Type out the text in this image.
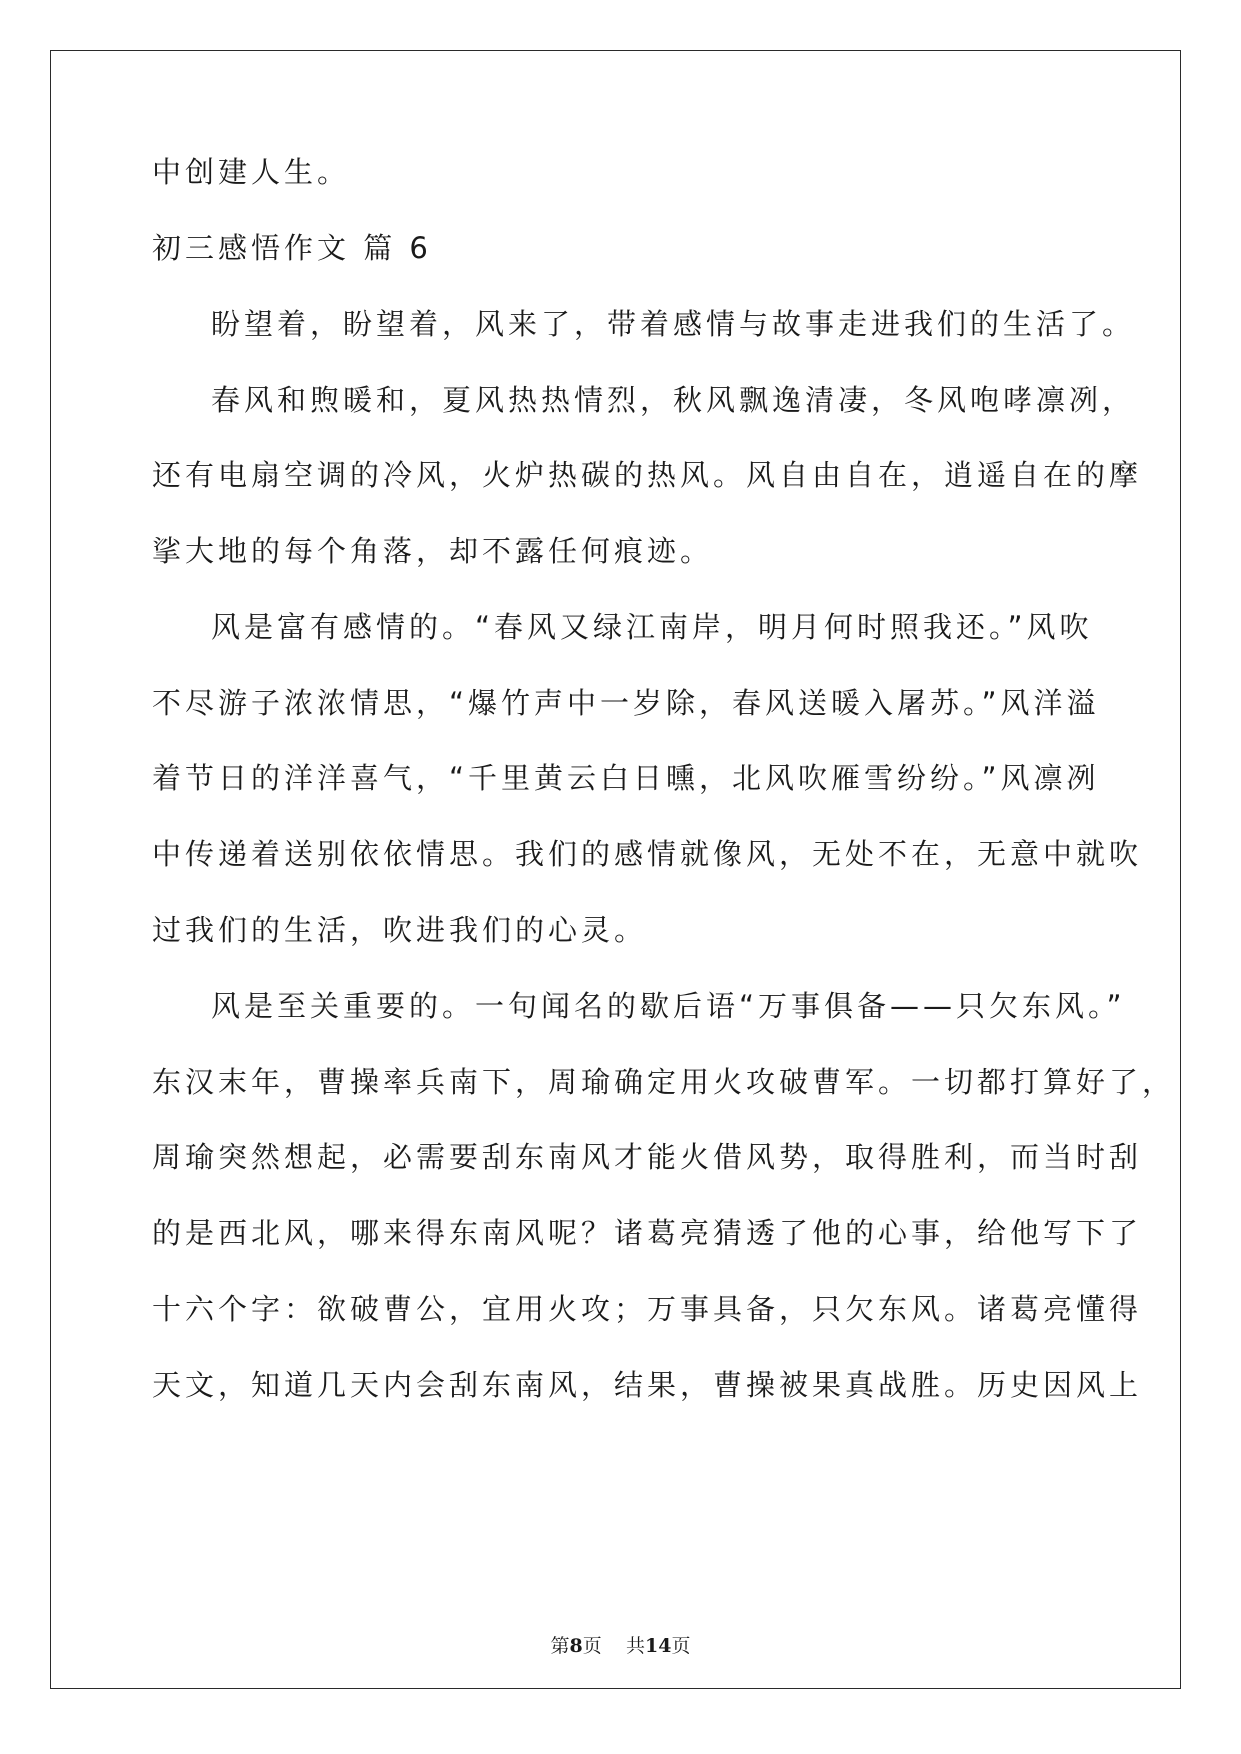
中创建人生。
初三感悟作文 篇 6
盼望着，盼望着，风来了，带着感情与故事走进我们的生活了。
春风和煦暖和，夏风热热情烈，秋风飘逸清凄，冬风咆哮凛冽，
还有电扇空调的冷风，火炉热碳的热风。风自由自在，逍遥自在的摩
挲大地的每个角落，却不露任何痕迹。
风是富有感情的。“春风又绿江南岸，明月何时照我还。”风吹
不尽游子浓浓情思，“爆竹声中一岁除，春风送暖入屠苏。”风洋溢
着节日的洋洋喜气，“千里黄云白日曛，北风吹雁雪纷纷。”风凛冽
中传递着送别依依情思。我们的感情就像风，无处不在，无意中就吹
过我们的生活，吹进我们的心灵。
风是至关重要的。一句闻名的歇后语“万事俱备——只欠东风。”
东汉末年，曹操率兵南下，周瑜确定用火攻破曹军。一切都打算好了，
周瑜突然想起，必需要刮东南风才能火借风势，取得胜利，而当时刮
的是西北风，哪来得东南风呢？诸葛亮猜透了他的心事，给他写下了
十六个字：欲破曹公，宜用火攻；万事具备，只欠东风。诸葛亮懂得
天文，知道几天内会刮东南风，结果，曹操被果真战胜。历史因风上
第8页 共14页
